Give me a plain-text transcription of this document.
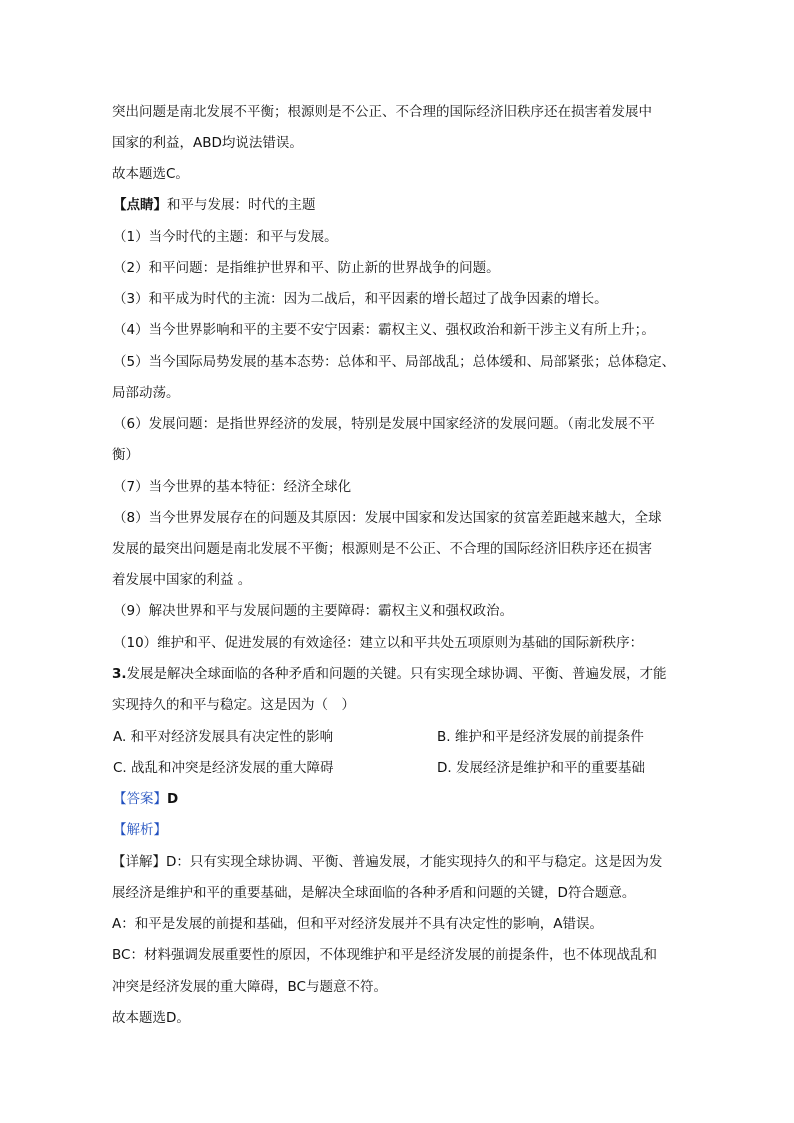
突出问题是南北发展不平衡；根源则是不公正、不合理的国际经济旧秩序还在损害着发展中
国家的利益，ABD均说法错误。
故本题选C。
【点睛】和平与发展：时代的主题
（1）当今时代的主题：和平与发展。
（2）和平问题：是指维护世界和平、防止新的世界战争的问题。
（3）和平成为时代的主流：因为二战后，和平因素的增长超过了战争因素的增长。
（4）当今世界影响和平的主要不安宁因素：霸权主义、强权政治和新干涉主义有所上升；。
（5）当今国际局势发展的基本态势：总体和平、局部战乱；总体缓和、局部紧张；总体稳定、
局部动荡。
（6）发展问题：是指世界经济的发展，特别是发展中国家经济的发展问题。（南北发展不平
衡）
（7）当今世界的基本特征：经济全球化
（8）当今世界发展存在的问题及其原因：发展中国家和发达国家的贫富差距越来越大，全球
发展的最突出问题是南北发展不平衡；根源则是不公正、不合理的国际经济旧秩序还在损害
着发展中国家的利益 。
（9）解决世界和平与发展问题的主要障碍：霸权主义和强权政治。
（10）维护和平、促进发展的有效途径：建立以和平共处五项原则为基础的国际新秩序：
3.发展是解决全球面临的各种矛盾和问题的关键。只有实现全球协调、平衡、普遍发展，才能
实现持久的和平与稳定。这是因为（　）
A. 和平对经济发展具有决定性的影响	B. 维护和平是经济发展的前提条件
C. 战乱和冲突是经济发展的重大障碍	D. 发展经济是维护和平的重要基础
【答案】D
【解析】
【详解】D：只有实现全球协调、平衡、普遍发展，才能实现持久的和平与稳定。这是因为发
展经济是维护和平的重要基础，是解决全球面临的各种矛盾和问题的关键，D符合题意。
A：和平是发展的前提和基础，但和平对经济发展并不具有决定性的影响，A错误。
BC：材料强调发展重要性的原因，不体现维护和平是经济发展的前提条件，也不体现战乱和
冲突是经济发展的重大障碍，BC与题意不符。
故本题选D。
